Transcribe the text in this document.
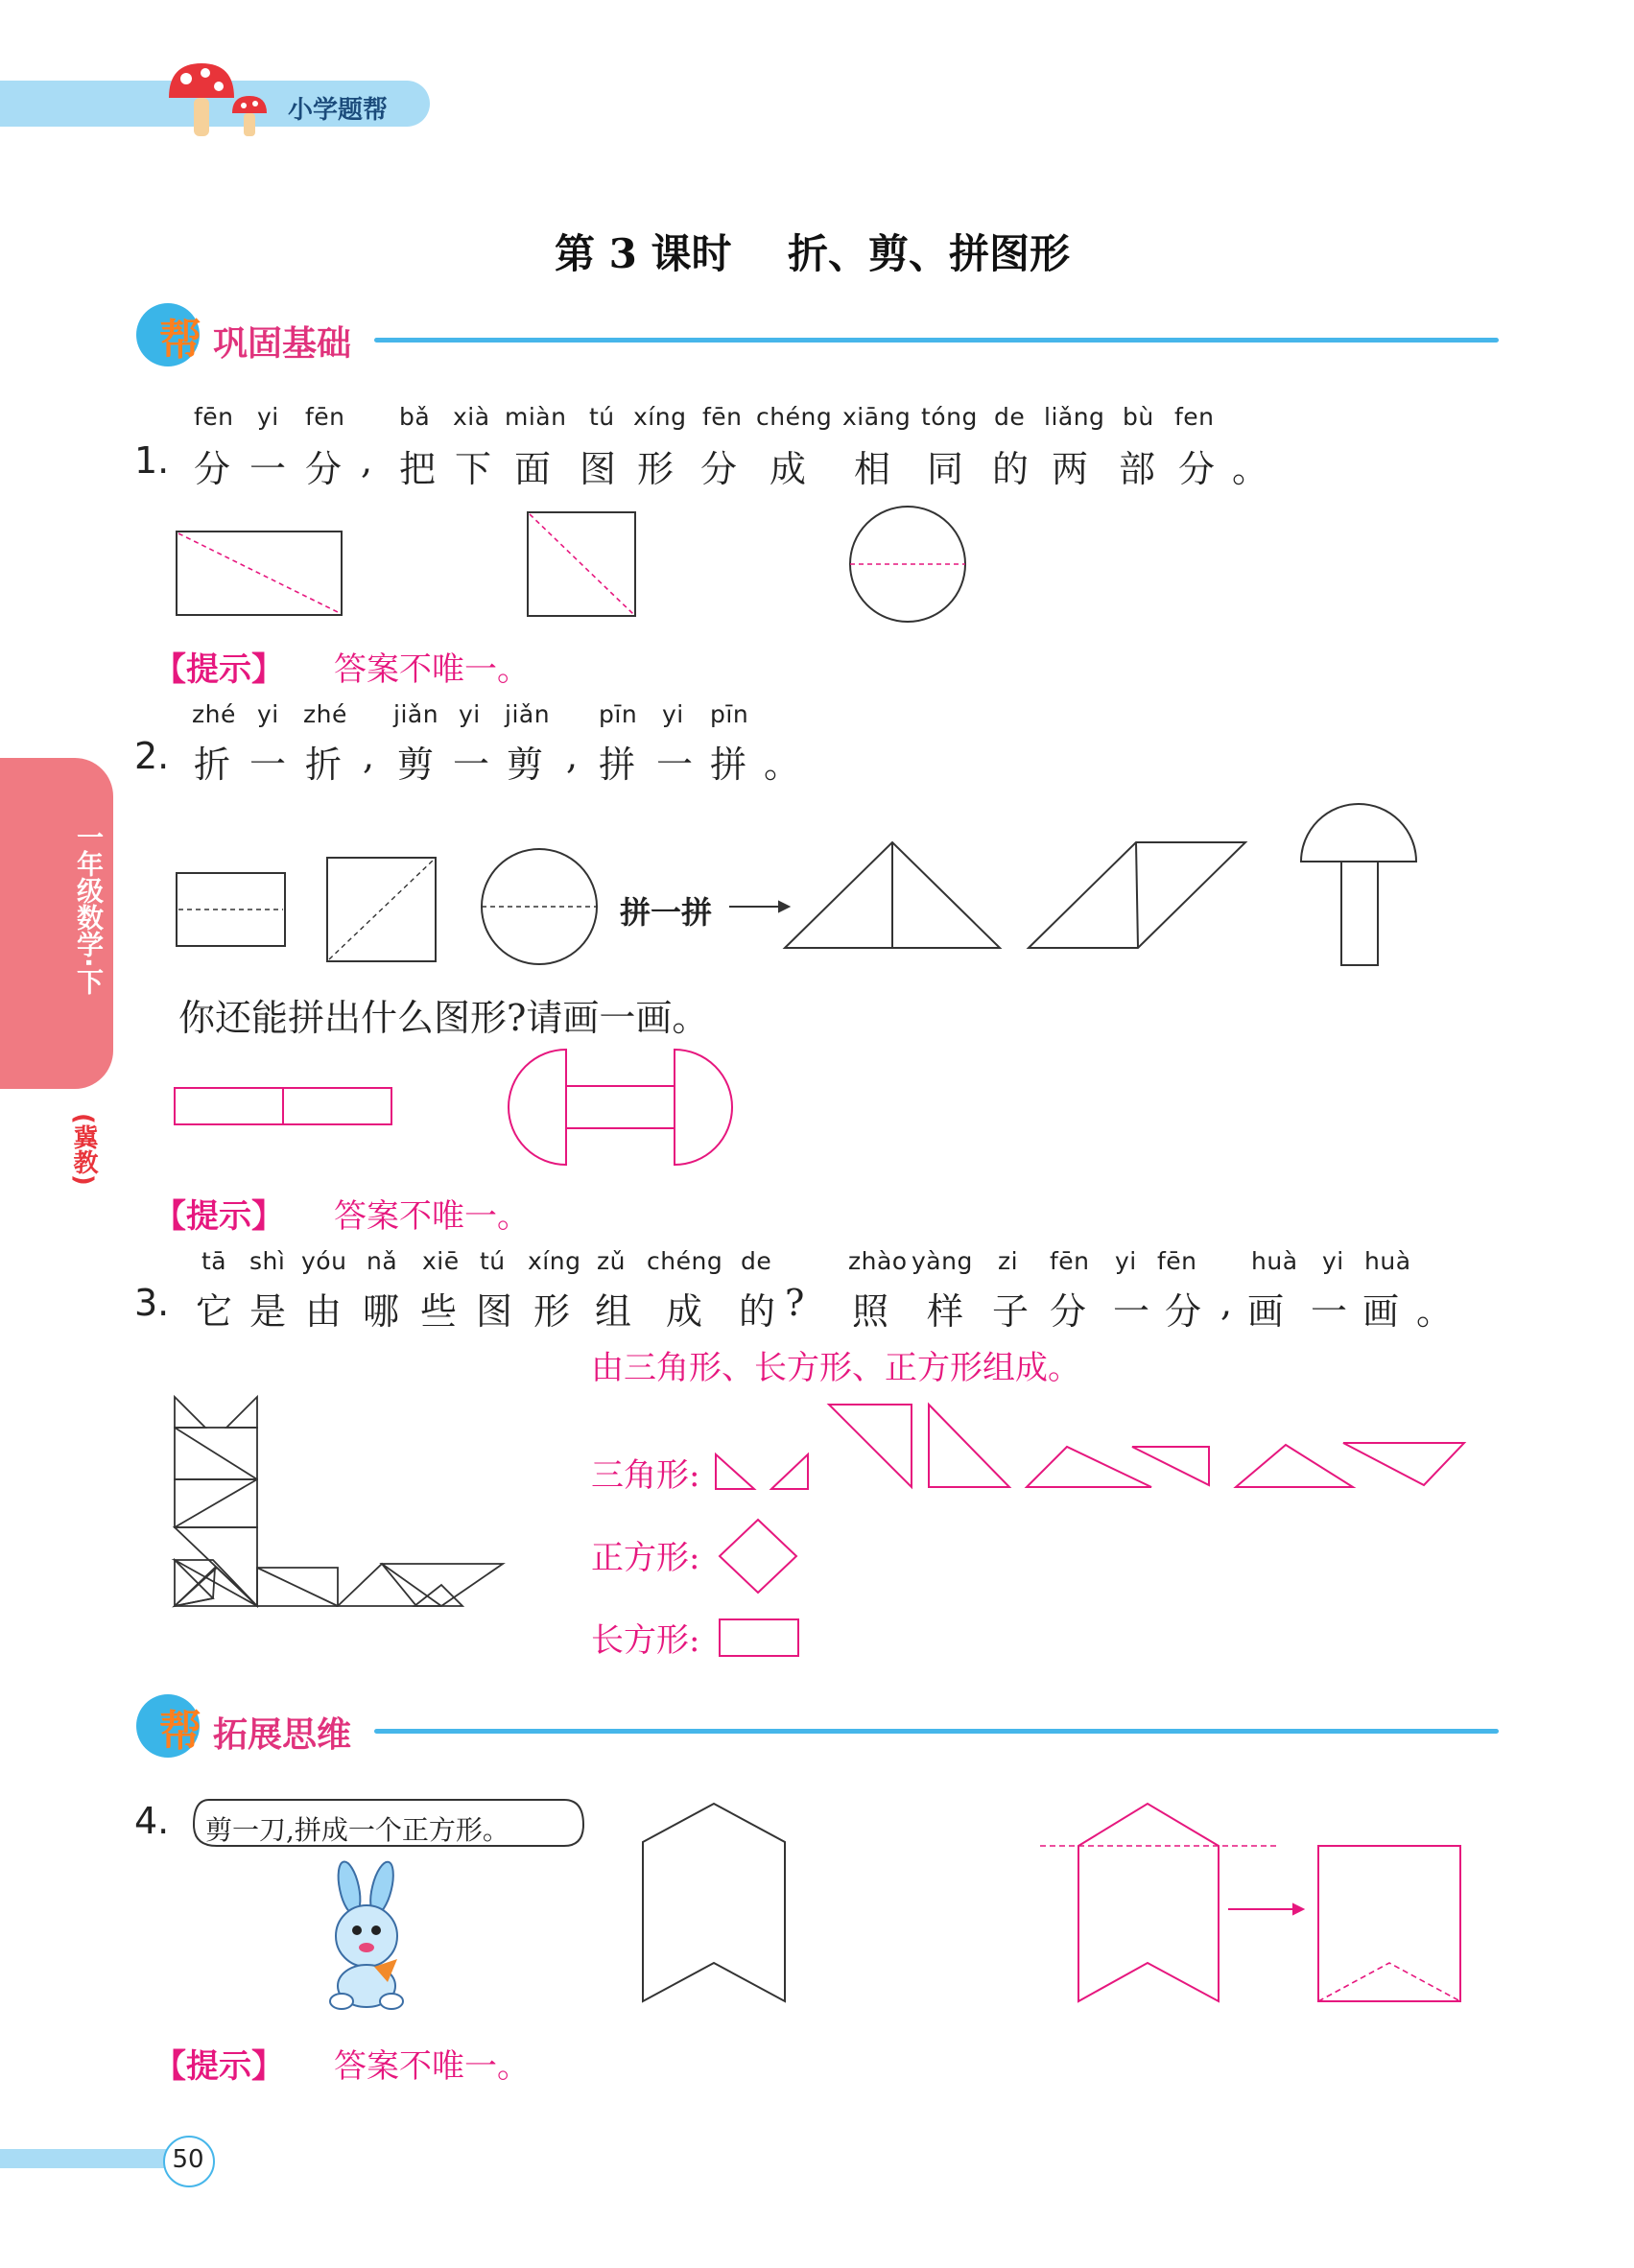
小学题帮
一年级数学·下
(冀教)
第 3 课时    折、剪、拼图形
帮 巩固基础
fēn yi fēn bǎ xià miàn tú xíng fēn chéng xiāng tóng de liǎng bù fen
1. 分 一 分 , 把 下 面 图 形 分 成 相 同 的 两 部 分 。
【提示】 答案不唯一。
zhé yi zhé jiǎn yi jiǎn pīn yi pīn
2. 折 一 折 , 剪 一 剪 , 拼 一 拼 。
拼一拼
你还能拼出什么图形?请画一画。
【提示】 答案不唯一。
tā shì yóu nǎ xiē tú xíng zǔ chéng de	zhào yàng zi fēn yi fēn huà yi huà
3. 它 是 由 哪 些 图 形 组 成 的 ? 照 样 子 分 一 分 , 画 一 画 。
由三角形、长方形、正方形组成。
三角形:
正方形:
长方形:
帮 拓展思维
4. 剪一刀,拼成一个正方形。
【提示】 答案不唯一。
50
